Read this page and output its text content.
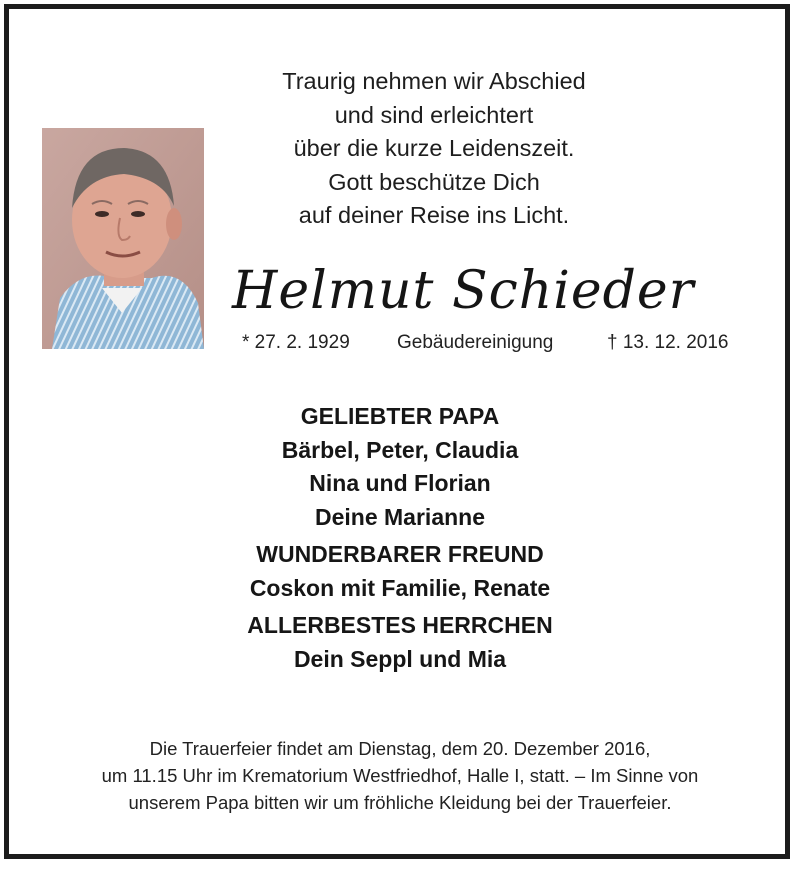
Traurig nehmen wir Abschied
und sind erleichtert
über die kurze Leidenszeit.
Gott beschütze Dich
auf deiner Reise ins Licht.
Helmut Schieder
* 27. 2. 1929 Gebäudereinigung	† 13. 12. 2016
GELIEBTER PAPA
Bärbel, Peter, Claudia
Nina und Florian
Deine Marianne
WUNDERBARER FREUND
Coskon mit Familie, Renate
ALLERBESTES HERRCHEN
Dein Seppl und Mia
Die Trauerfeier findet am Dienstag, dem 20. Dezember 2016,
um 11.15 Uhr im Krematorium Westfriedhof, Halle I, statt. – Im Sinne von
unserem Papa bitten wir um fröhliche Kleidung bei der Trauerfeier.
